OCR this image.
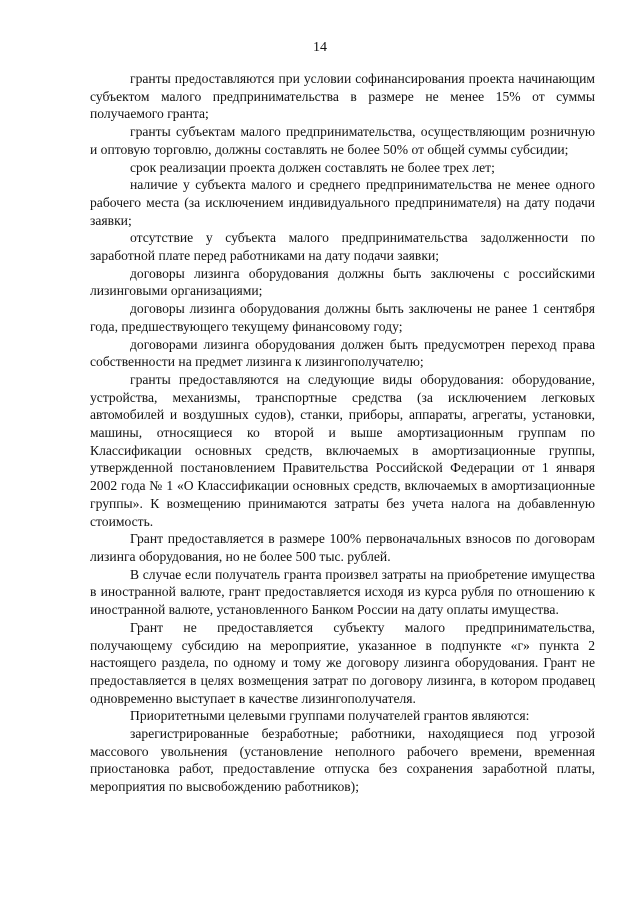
14

гранты предоставляются при условии софинансирования проекта начинающим субъектом малого предпринимательства в размере не менее 15% от суммы получаемого гранта;

гранты субъектам малого предпринимательства, осуществляющим розничную и оптовую торговлю, должны составлять не более 50% от общей суммы субсидии;

срок реализации проекта должен составлять не более трех лет;

наличие у субъекта малого и среднего предпринимательства не менее одного рабочего места (за исключением индивидуального предпринимателя) на дату подачи заявки;

отсутствие у субъекта малого предпринимательства задолженности по заработной плате перед работниками на дату подачи заявки;

договоры лизинга оборудования должны быть заключены с российскими лизинговыми организациями;

договоры лизинга оборудования должны быть заключены не ранее 1 сентября года, предшествующего текущему финансовому году;

договорами лизинга оборудования должен быть предусмотрен переход права собственности на предмет лизинга к лизингополучателю;

гранты предоставляются на следующие виды оборудования: оборудование, устройства, механизмы, транспортные средства (за исключением легковых автомобилей и воздушных судов), станки, приборы, аппараты, агрегаты, установки, машины, относящиеся ко второй и выше амортизационным группам по Классификации основных средств, включаемых в амортизационные группы, утвержденной постановлением Правительства Российской Федерации от 1 января 2002 года № 1 «О Классификации основных средств, включаемых в амортизационные группы». К возмещению принимаются затраты без учета налога на добавленную стоимость.

Грант предоставляется в размере 100% первоначальных взносов по договорам лизинга оборудования, но не более 500 тыс. рублей.

В случае если получатель гранта произвел затраты на приобретение имущества в иностранной валюте, грант предоставляется исходя из курса рубля по отношению к иностранной валюте, установленного Банком России на дату оплаты имущества.

Грант не предоставляется субъекту малого предпринимательства, получающему субсидию на мероприятие, указанное в подпункте «г» пункта 2 настоящего раздела, по одному и тому же договору лизинга оборудования. Грант не предоставляется в целях возмещения затрат по договору лизинга, в котором продавец одновременно выступает в качестве лизингополучателя.

Приоритетными целевыми группами получателей грантов являются:

зарегистрированные безработные; работники, находящиеся под угрозой массового увольнения (установление неполного рабочего времени, временная приостановка работ, предоставление отпуска без сохранения заработной платы, мероприятия по высвобождению работников);
